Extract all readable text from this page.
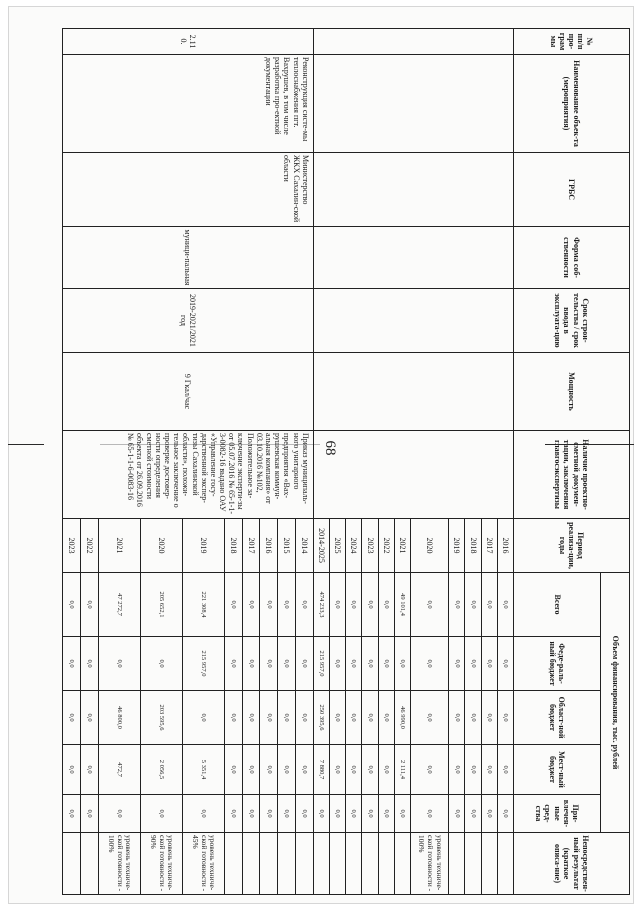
68
№ пп/п про-грам мы	Наименование объек-та (мероприятия)	ГРБС	Форма соб-ственности	Срок строи-тельства / срок ввода в эксплуата-цию	Мощность	Наличие проектно-сметной докумен-тации, заключения главгосэкспертизы	Период реализа-ции, годы	Объем финансирования, тыс. рублей					Непосредствен-ный результат (краткое описа-ние)
								Всего	Феде-раль-ный бюджет	Област-ной бюджет	Мест-ный бюджет	При-влечен-ные сред-ства	
							2016	0,0	0,0	0,0	0,0	0,0	
							2017	0,0	0,0	0,0	0,0	0,0	
							2018	0,0	0,0	0,0	0,0	0,0	
							2019	0,0	0,0	0,0	0,0	0,0	
							2020	0,0	0,0	0,0	0,0	0,0	уровень техниче-ской готовности - 100%
							2021	49 101,4	0,0	46 990,0	2 111,4	0,0	
							2022	0,0	0,0	0,0	0,0	0,0	
							2023	0,0	0,0	0,0	0,0	0,0	
							2024	0,0	0,0	0,0	0,0	0,0	
							2025	0,0	0,0	0,0	0,0	0,0	
							2014-2025	474 233,3	215 957,0	250 395,6	7 880,7	0,0	
2.11 0.	Реконструкция систе-мы теплоснабжения пгт. Вахрушев, в том числе разработка про-ектной документации	Министерство ЖКХ Сахалин-ской области	муници-пальная	2019-2021/2021 год	9 Гкал/час	Приказ муниципаль-ного унитарного предприятия «Вах-рушевская коммун-альная компания» от 03.10.2016 №102, Положительное за-ключение эксперти-зы от 05.07.2016 № 65-1-1-3-0082-16 выдано ОАУ «Управление госу-дарственной экспер-тизы Сахалинской области», положи-тельное заключение о проверке достовер-ности определения сметной стоимости объекта от 26.09.2016 № 65-1-1-6-0083-16	2014	0,0	0,0	0,0	0,0	0,0	
							2015	0,0	0,0	0,0	0,0	0,0	
							2016	0,0	0,0	0,0	0,0	0,0	
							2017	0,0	0,0	0,0	0,0	0,0	
							2018	0,0	0,0	0,0	0,0	0,0	
							2019	221 308,4	215 957,0	0,0	5 351,4	0,0	уровень техниче-ской готовности - 45%
							2020	205 652,1	0,0	203 595,6	2 056,5	0,0	уровень техниче-ской готовности - 90%
							2021	47 272,7	0,0	46 800,0	472,7	0,0	уровень техниче-ской готовности - 100%
							2022	0,0	0,0	0,0	0,0	0,0	
							2023	0,0	0,0	0,0	0,0	0,0	
